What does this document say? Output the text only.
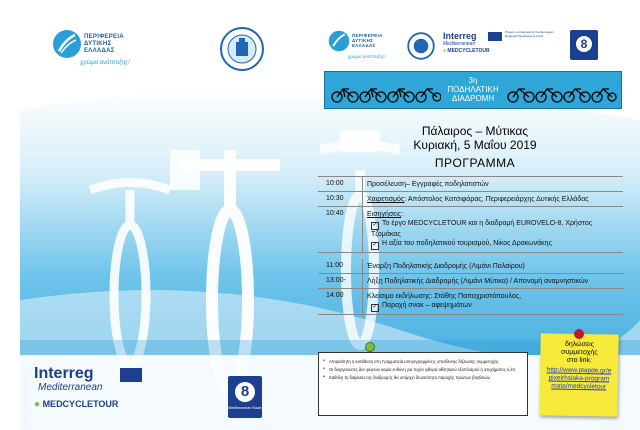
ΠΕΡΙΦΕΡΕΙΑ
ΔΥΤΙΚΗΣ
ΕΛΛΑΔΑΣ
χρώμα ανάπτυξης!
ΠΕΡΙΦΕΡΕΙΑ
ΔΥΤΙΚΗΣ
ΕΛΛΑΔΑΣ
χρώμα ανάπτυξης!
Interreg
Mediterranean
● MEDCYCLETOUR
Project co-financed by the European Regional Development Fund
8
3η
ΠΟΔΗΛΑΤΙΚΗ
ΔΙΑΔΡΟΜΗ
Πάλαιρος – Μύτικας
Κυριακή, 5 Μαΐου 2019
ΠΡΟΓΡΑΜΜΑ
10:00	Προσέλευση– Εγγραφές ποδηλατιστών
10:30	Χαιρετισμός: Απόστολος Κατσιφάρας, Περιφερειάρχης Δυτικής Ελλάδας
10:40	Εισηγήσεις:
✓ Το έργο MEDCYCLETOUR και η διαδρομή EUROVELO-8, Χρήστος Τζομάκας
✓ Η αξία του ποδηλατικού τουρισμού, Νίκος Δρακωνάκης
11:00	Έναρξη Ποδηλατικής Διαδρομής (Λιμάνι Παλαίρου)
13:00-	Λήξη Ποδηλατικής Διαδρομής (Λιμάνι Μύτικα) / Απονομή αναμνηστικών
14:00	Κλείσιμο εκδήλωσης: Στάθης Παπαχριστόπουλος,
✓ Παροχή σνακ – αφεψημάτων
• Απαραίτητη η κατάθεση στη Γραμματεία υπογεγραμμένης υπεύθυνης δήλωσης συμμετοχής.
• Οι διοργανωτές δεν φέρουν καμία ευθύνη για τυχόν φθορά αθλητικού εξοπλισμού ή ατυχήματος κ.λπ.
• Καθόλη τη διάρκεια της διαδρομής θα υπάρχει δυνατότητα παροχής πρώτων βοηθειών.
δηλώσεις
συμμετοχής
στο link:
http://www.ptapde.gr/epixeirhsiaka-programmata/medcycletour
Interreg
Mediterranean
● MEDCYCLETOUR
8
Mediterranean Route
